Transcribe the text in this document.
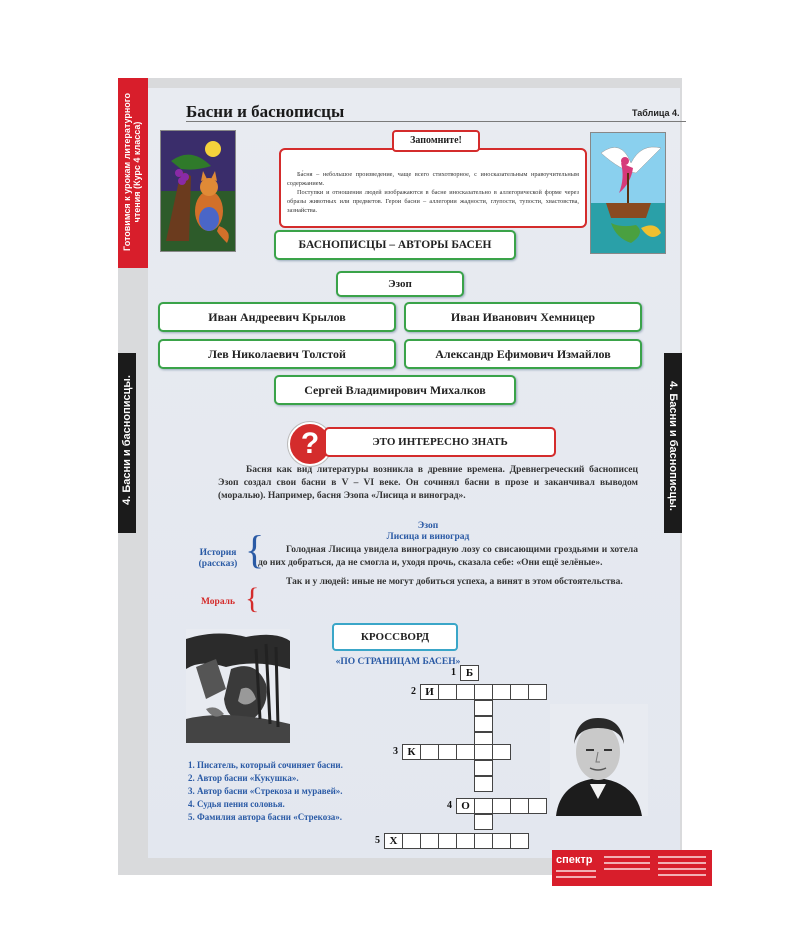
Готовимся к урокам литературного чтения (Курс 4 класса)
Басни и баснописцы	Таблица 4.

Ба́сня – небольшое произведение, чаще всего стихотворное, с иносказательным нравоучительным содержанием.

Поступки и отношения людей изображаются в басне иносказательно в аллегорической форме через образы животных или предметов. Герои басни – аллегории жадности, глупости, тупости, хвастовства, зазнайства.

Запомните!
БАСНОПИСЦЫ – АВТОРЫ БАСЕН
Эзоп
Иван Андреевич Крылов	Иван Иванович Хемницер
Лев Николаевич Толстой	Александр Ефимович Измайлов
Сергей Владимирович Михалков
?	ЭТО ИНТЕРЕСНО ЗНАТЬ

Басня как вид литературы возникла в древние времена. Древнегреческий баснописец Эзоп создал свои басни в V – VI веке. Он сочинял басни в прозе и заканчивал выводом (моралью). Например, басня Эзопа «Лисица и виноград».

Эзоп
Лисица и виноград
История (рассказ) {
Мораль {

Голодная Лисица увидела виноградную лозу со свисающими гроздьями и хотела до них добраться, да не смогла и, уходя прочь, сказала себе: «Они ещё зелёные».

Так и у людей: иные не могут добиться успеха, а винят в этом обстоятельства.

КРОССВОРД
«ПО СТРАНИЦАМ БАСЕН»
1 Б
2 И
3 К
4 О
5 Х
1. Писатель, который сочиняет басни.
2. Автор басни «Кукушка».
3. Автор басни «Стрекоза и муравей».
4. Судья пения соловья.
5. Фамилия автора басни «Стрекоза».
спектр
4. Басни и баснописцы.	4. Басни и баснописцы.
